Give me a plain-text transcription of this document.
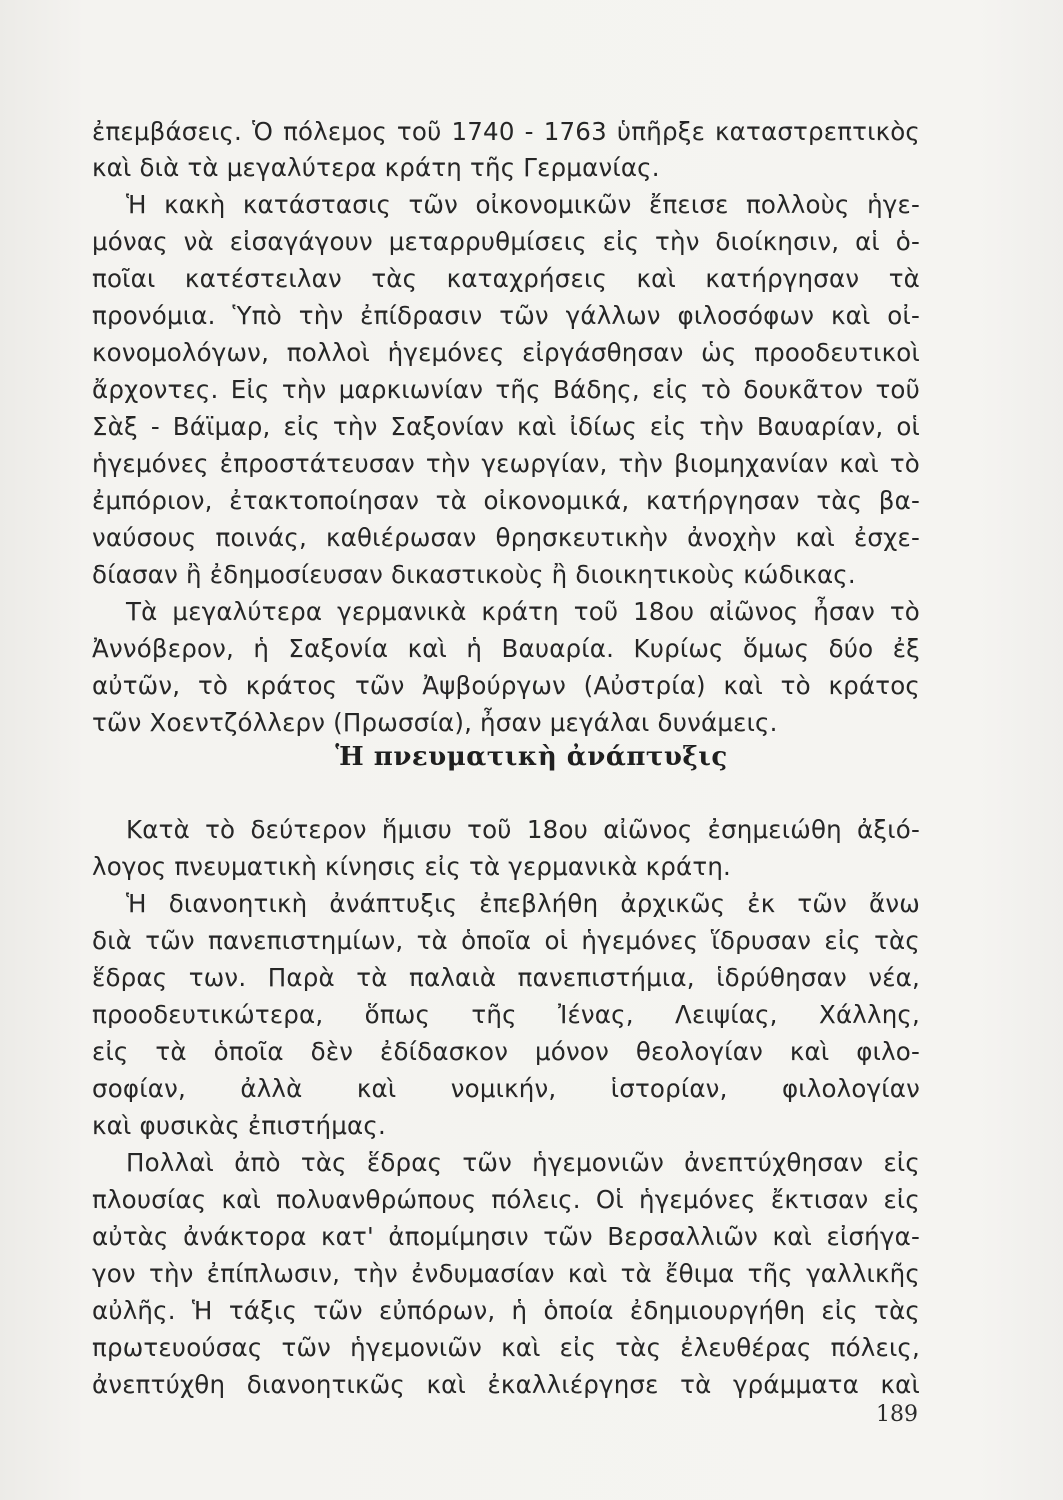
ἐπεμβάσεις. Ὁ πόλεμος τοῦ 1740 - 1763 ὑπῆρξε καταστρεπτικὸς
καὶ διὰ τὰ μεγαλύτερα κράτη τῆς Γερμανίας.
Ἡ κακὴ κατάστασις τῶν οἰκονομικῶν ἔπεισε πολλοὺς ἡγε-
μόνας νὰ εἰσαγάγουν μεταρρυθμίσεις εἰς τὴν διοίκησιν, αἱ ὁ-
ποῖαι κατέστειλαν τὰς καταχρήσεις καὶ κατήργησαν τὰ
προνόμια. Ὑπὸ τὴν ἐπίδρασιν τῶν γάλλων φιλοσόφων καὶ οἰ-
κονομολόγων, πολλοὶ ἡγεμόνες εἰργάσθησαν ὡς προοδευτικοὶ
ἄρχοντες. Εἰς τὴν μαρκιωνίαν τῆς Βάδης, εἰς τὸ δουκᾶτον τοῦ
Σὰξ - Βάϊμαρ, εἰς τὴν Σαξονίαν καὶ ἰδίως εἰς τὴν Βαυαρίαν, οἱ
ἡγεμόνες ἐπροστάτευσαν τὴν γεωργίαν, τὴν βιομηχανίαν καὶ τὸ
ἐμπόριον, ἐτακτοποίησαν τὰ οἰκονομικά, κατήργησαν τὰς βα-
ναύσους ποινάς, καθιέρωσαν θρησκευτικὴν ἀνοχὴν καὶ ἐσχε-
δίασαν ἢ ἐδημοσίευσαν δικαστικοὺς ἢ διοικητικοὺς κώδικας.
Τὰ μεγαλύτερα γερμανικὰ κράτη τοῦ 18ου αἰῶνος ἦσαν τὸ
Ἀννόβερον, ἡ Σαξονία καὶ ἡ Βαυαρία. Κυρίως ὅμως δύο ἐξ
αὐτῶν, τὸ κράτος τῶν Ἀψβούργων (Αὐστρία) καὶ τὸ κράτος
τῶν Χοεντζόλλερν (Πρωσσία), ἦσαν μεγάλαι δυνάμεις.
Ἡ πνευματικὴ ἀνάπτυξις
Κατὰ τὸ δεύτερον ἥμισυ τοῦ 18ου αἰῶνος ἐσημειώθη ἀξιό-
λογος πνευματικὴ κίνησις εἰς τὰ γερμανικὰ κράτη.
Ἡ διανοητικὴ ἀνάπτυξις ἐπεβλήθη ἀρχικῶς ἐκ τῶν ἄνω
διὰ τῶν πανεπιστημίων, τὰ ὁποῖα οἱ ἡγεμόνες ἵδρυσαν εἰς τὰς
ἕδρας των. Παρὰ τὰ παλαιὰ πανεπιστήμια, ἱδρύθησαν νέα,
προοδευτικώτερα, ὅπως τῆς Ἰένας, Λειψίας, Χάλλης,
εἰς τὰ ὁποῖα δὲν ἐδίδασκον μόνον θεολογίαν καὶ φιλο-
σοφίαν, ἀλλὰ καὶ νομικήν, ἱστορίαν, φιλολογίαν
καὶ φυσικὰς ἐπιστήμας.
Πολλαὶ ἀπὸ τὰς ἕδρας τῶν ἡγεμονιῶν ἀνεπτύχθησαν εἰς
πλουσίας καὶ πολυανθρώπους πόλεις. Οἱ ἡγεμόνες ἔκτισαν εἰς
αὐτὰς ἀνάκτορα κατ' ἀπομίμησιν τῶν Βερσαλλιῶν καὶ εἰσήγα-
γον τὴν ἐπίπλωσιν, τὴν ἐνδυμασίαν καὶ τὰ ἔθιμα τῆς γαλλικῆς
αὐλῆς. Ἡ τάξις τῶν εὐπόρων, ἡ ὁποία ἐδημιουργήθη εἰς τὰς
πρωτευούσας τῶν ἡγεμονιῶν καὶ εἰς τὰς ἐλευθέρας πόλεις,
ἀνεπτύχθη διανοητικῶς καὶ ἐκαλλιέργησε τὰ γράμματα καὶ
189
